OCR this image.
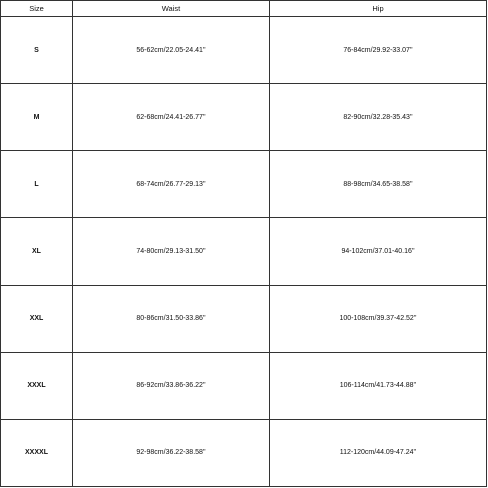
Size	Waist	Hip
S	56-62cm/22.05-24.41''	76-84cm/29.92-33.07''
M	62-68cm/24.41-26.77''	82-90cm/32.28-35.43''
L	68-74cm/26.77-29.13''	88-98cm/34.65-38.58''
XL	74-80cm/29.13-31.50''	94-102cm/37.01-40.16''
XXL	80-86cm/31.50-33.86''	100-108cm/39.37-42.52''
XXXL	86-92cm/33.86-36.22''	106-114cm/41.73-44.88''
XXXXL	92-98cm/36.22-38.58''	112-120cm/44.09-47.24''
